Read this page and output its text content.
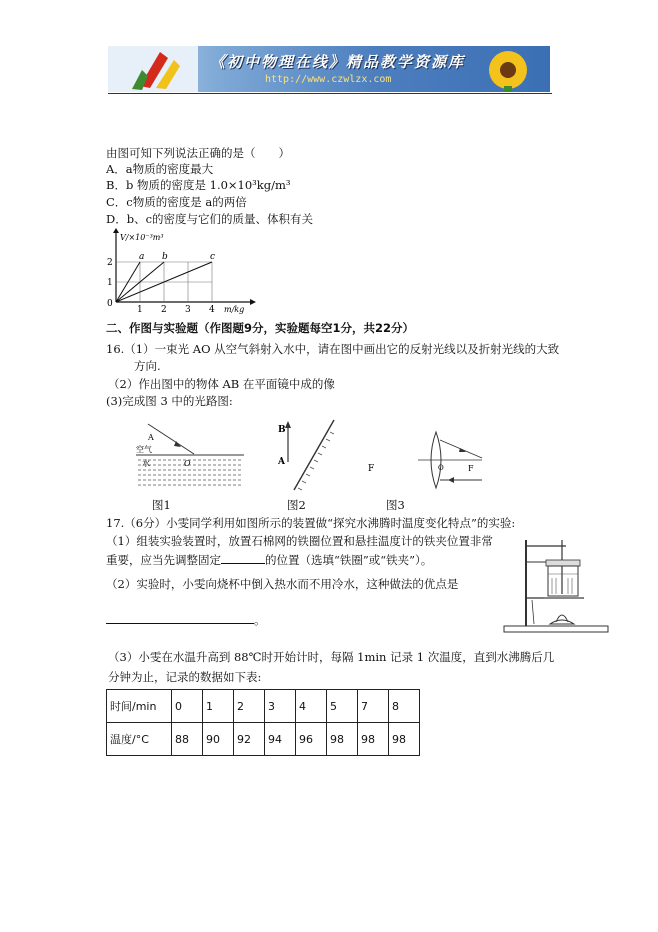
《初中物理在线》精品教学资源库
http://www.czwlzx.com
由图可知下列说法正确的是（　　）
A．a物质的密度最大
B．b 物质的密度是 1.0×10³kg/m³
C．c物质的密度是 a的两倍
D．b、c的密度与它们的质量、体积有关
a b	c
V/×10⁻³m³
m/kg
0
1
2
1 2 3 4
二、作图与实验题（作图题9分，实验题每空1分，共22分）
16.（1）一束光 AO 从空气斜射入水中，请在图中画出它的反射光线以及折射光线的大致
方向.
（2）作出图中的物体 AB 在平面镜中成的像
(3)完成图 3 中的光路图:
A
空气
水	O
图1
B
A
图2
F	O	F
图3
17.（6分）小雯同学利用如图所示的装置做“探究水沸腾时温度变化特点”的实验:
（1）组装实验装置时，放置石棉网的铁圈位置和悬挂温度计的铁夹位置非常
重要，应当先调整固定	的位置（选填“铁圈”或“铁夹”）。
（2）实验时，小雯向烧杯中倒入热水而不用冷水，这种做法的优点是
。
（3）小雯在水温升高到 88℃时开始计时，每隔 1min 记录 1 次温度，直到水沸腾后几
分钟为止，记录的数据如下表:
时间/min	0	1	2	3	4	5	7	8
温度/°C	88	90	92	94	96	98	98	98
